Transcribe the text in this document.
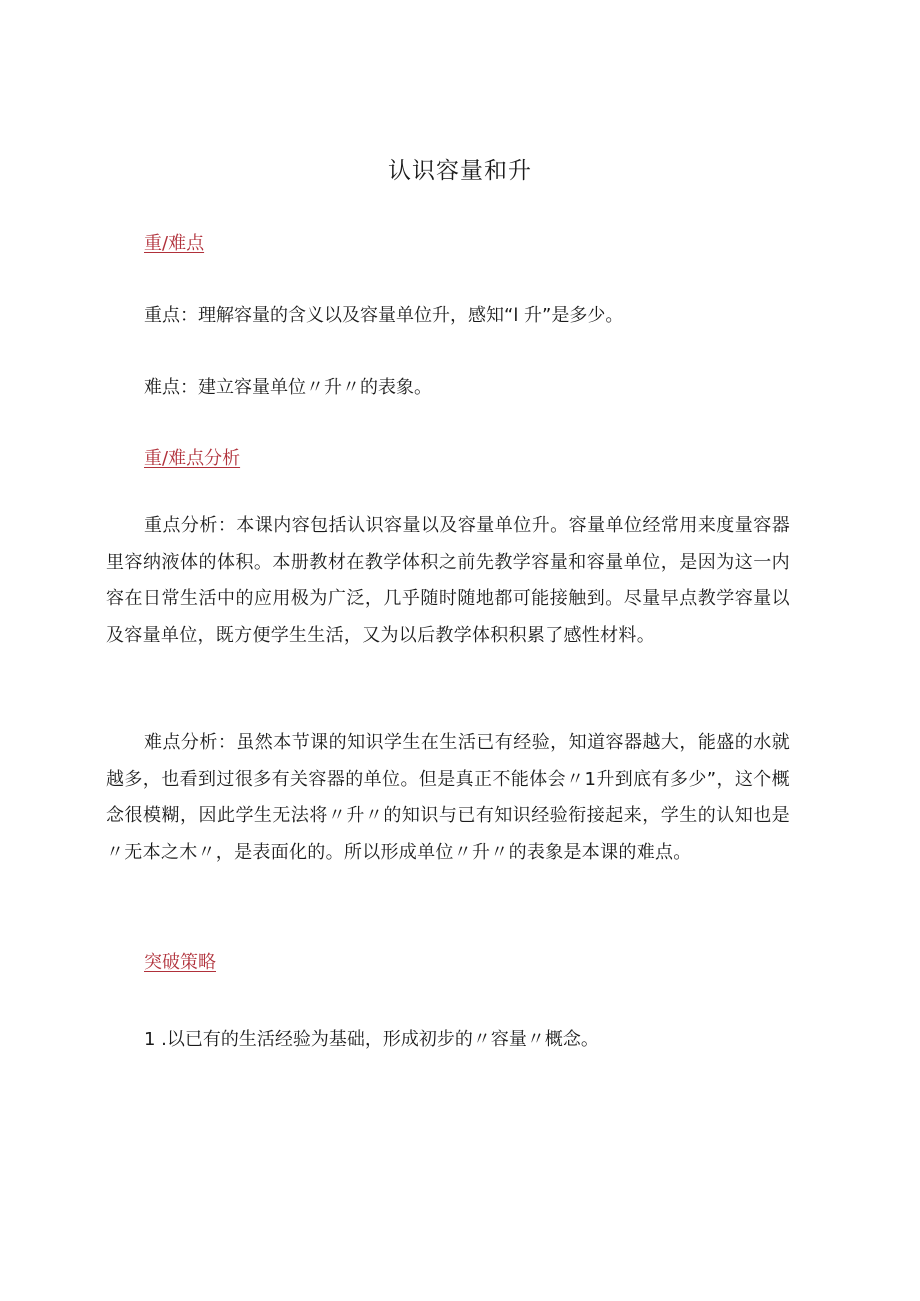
认识容量和升
重/难点

重点：理解容量的含义以及容量单位升，感知“l 升”是多少。

难点：建立容量单位〃升〃的表象。

重/难点分析

重点分析：本课内容包括认识容量以及容量单位升。容量单位经常用来度量容器里容纳液体的体积。本册教材在教学体积之前先教学容量和容量单位，是因为这一内容在日常生活中的应用极为广泛，几乎随时随地都可能接触到。尽量早点教学容量以及容量单位，既方便学生生活，又为以后教学体积积累了感性材料。

难点分析：虽然本节课的知识学生在生活已有经验，知道容器越大，能盛的水就越多，也看到过很多有关容器的单位。但是真正不能体会〃1升到底有多少”，这个概念很模糊，因此学生无法将〃升〃的知识与已有知识经验衔接起来，学生的认知也是〃无本之木〃，是表面化的。所以形成单位〃升〃的表象是本课的难点。

突破策略

1 .以已有的生活经验为基础，形成初步的〃容量〃概念。
